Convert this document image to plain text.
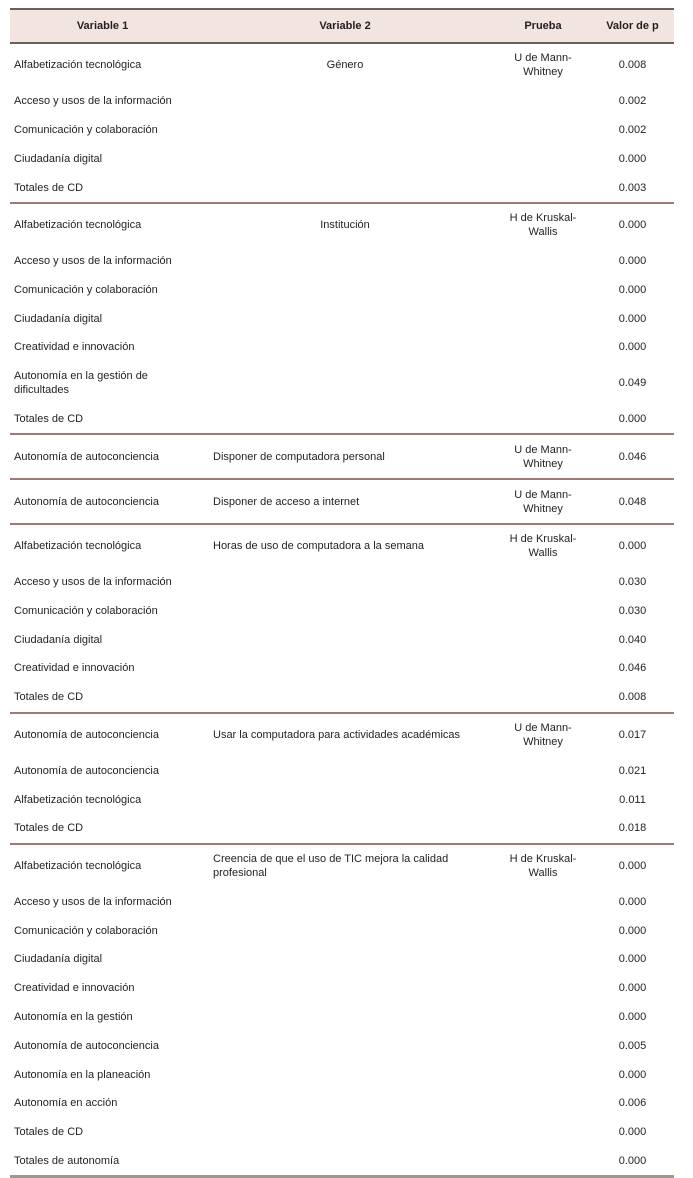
Variable 1	Variable 2	Prueba	Valor de p
Alfabetización tecnológica	Género	U de Mann-Whitney	0.008
Acceso y usos de la información			0.002
Comunicación y colaboración			0.002
Ciudadanía digital			0.000
Totales de CD			0.003
Alfabetización tecnológica	Institución	H de Kruskal-Wallis	0.000
Acceso y usos de la información			0.000
Comunicación y colaboración			0.000
Ciudadanía digital			0.000
Creatividad e innovación			0.000
Autonomía en la gestión de dificultades			0.049
Totales de CD			0.000
Autonomía de autoconciencia	Disponer de computadora personal	U de Mann-Whitney	0.046
Autonomía de autoconciencia	Disponer de acceso a internet	U de Mann-Whitney	0.048
Alfabetización tecnológica	Horas de uso de computadora a la semana	H de Kruskal-Wallis	0.000
Acceso y usos de la información			0.030
Comunicación y colaboración			0.030
Ciudadanía digital			0.040
Creatividad e innovación			0.046
Totales de CD			0.008
Autonomía de autoconciencia	Usar la computadora para actividades académicas	U de Mann-Whitney	0.017
Autonomía de autoconciencia			0.021
Alfabetización tecnológica			0.011
Totales de CD			0.018
Alfabetización tecnológica	Creencia de que el uso de TIC mejora la calidad profesional	H de Kruskal-Wallis	0.000
Acceso y usos de la información			0.000
Comunicación y colaboración			0.000
Ciudadanía digital			0.000
Creatividad e innovación			0.000
Autonomía en la gestión			0.000
Autonomía de autoconciencia			0.005
Autonomía en la planeación			0.000
Autonomía en acción			0.006
Totales de CD			0.000
Totales de autonomía			0.000
